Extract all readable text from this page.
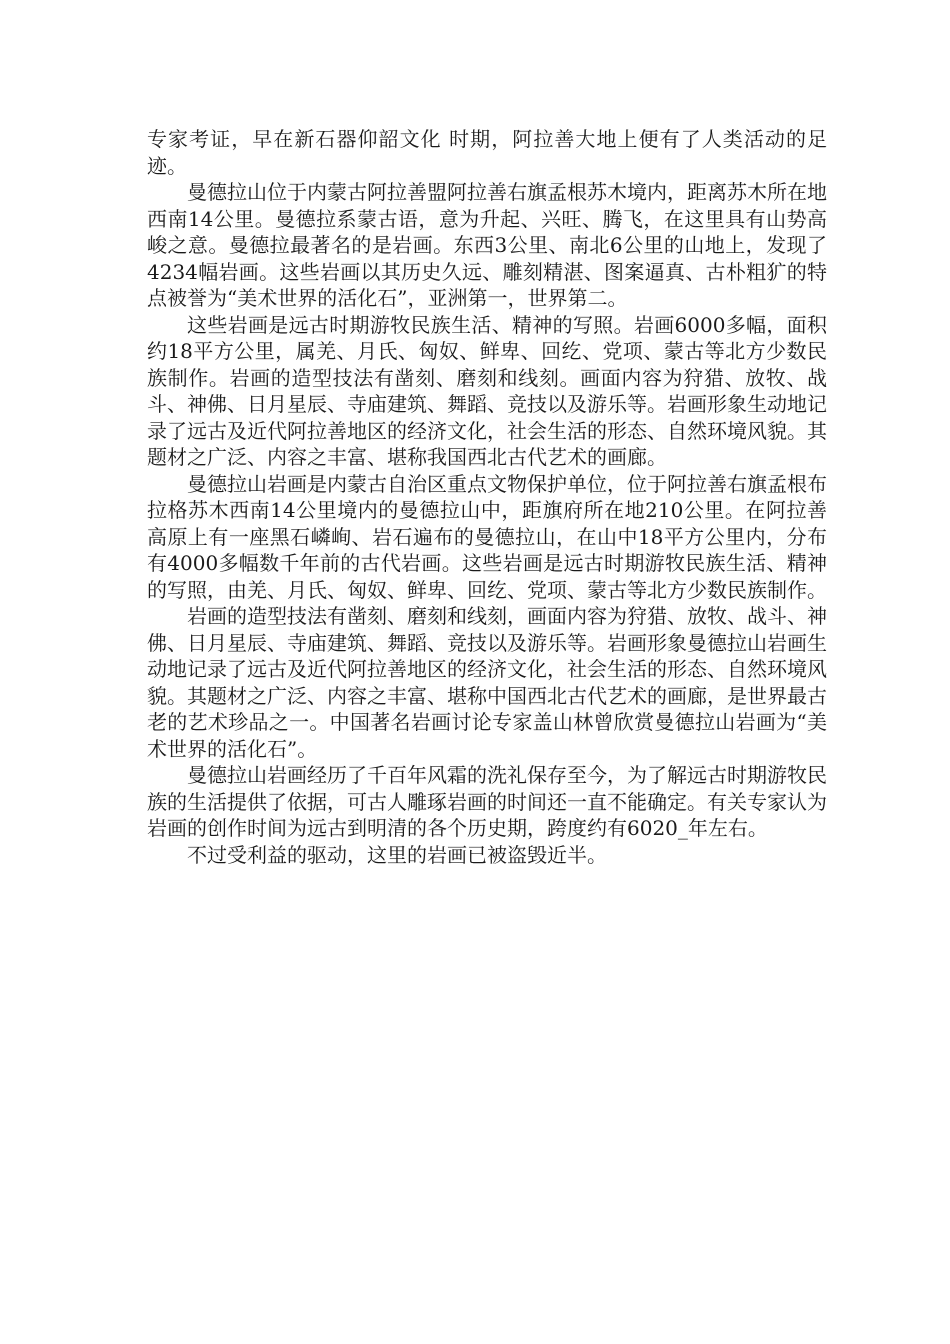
专家考证，早在新石器仰韶文化 时期，阿拉善大地上便有了人类活动的足迹。

曼德拉山位于内蒙古阿拉善盟阿拉善右旗孟根苏木境内，距离苏木所在地西南14公里。曼德拉系蒙古语，意为升起、兴旺、腾飞，在这里具有山势高峻之意。曼德拉最著名的是岩画。东西3公里、南北6公里的山地上，发现了4234幅岩画。这些岩画以其历史久远、雕刻精湛、图案逼真、古朴粗犷的特点被誉为“美术世界的活化石”，亚洲第一，世界第二。

这些岩画是远古时期游牧民族生活、精神的写照。岩画6000多幅，面积约18平方公里，属羌、月氏、匈奴、鲜卑、回纥、党项、蒙古等北方少数民族制作。岩画的造型技法有凿刻、磨刻和线刻。画面内容为狩猎、放牧、战斗、神佛、日月星辰、寺庙建筑、舞蹈、竞技以及游乐等。岩画形象生动地记录了远古及近代阿拉善地区的经济文化，社会生活的形态、自然环境风貌。其题材之广泛、内容之丰富、堪称我国西北古代艺术的画廊。

曼德拉山岩画是内蒙古自治区重点文物保护单位，位于阿拉善右旗孟根布拉格苏木西南14公里境内的曼德拉山中，距旗府所在地210公里。在阿拉善高原上有一座黑石嶙峋、岩石遍布的曼德拉山，在山中18平方公里内，分布有4000多幅数千年前的古代岩画。这些岩画是远古时期游牧民族生活、精神的写照，由羌、月氏、匈奴、鲜卑、回纥、党项、蒙古等北方少数民族制作。

岩画的造型技法有凿刻、磨刻和线刻，画面内容为狩猎、放牧、战斗、神佛、日月星辰、寺庙建筑、舞蹈、竞技以及游乐等。岩画形象曼德拉山岩画生动地记录了远古及近代阿拉善地区的经济文化，社会生活的形态、自然环境风貌。其题材之广泛、内容之丰富、堪称中国西北古代艺术的画廊，是世界最古老的艺术珍品之一。中国著名岩画讨论专家盖山林曾欣赏曼德拉山岩画为“美术世界的活化石”。

曼德拉山岩画经历了千百年风霜的洗礼保存至今，为了解远古时期游牧民族的生活提供了依据，可古人雕琢岩画的时间还一直不能确定。有关专家认为岩画的创作时间为远古到明清的各个历史期，跨度约有6020_年左右。

不过受利益的驱动，这里的岩画已被盗毁近半。
